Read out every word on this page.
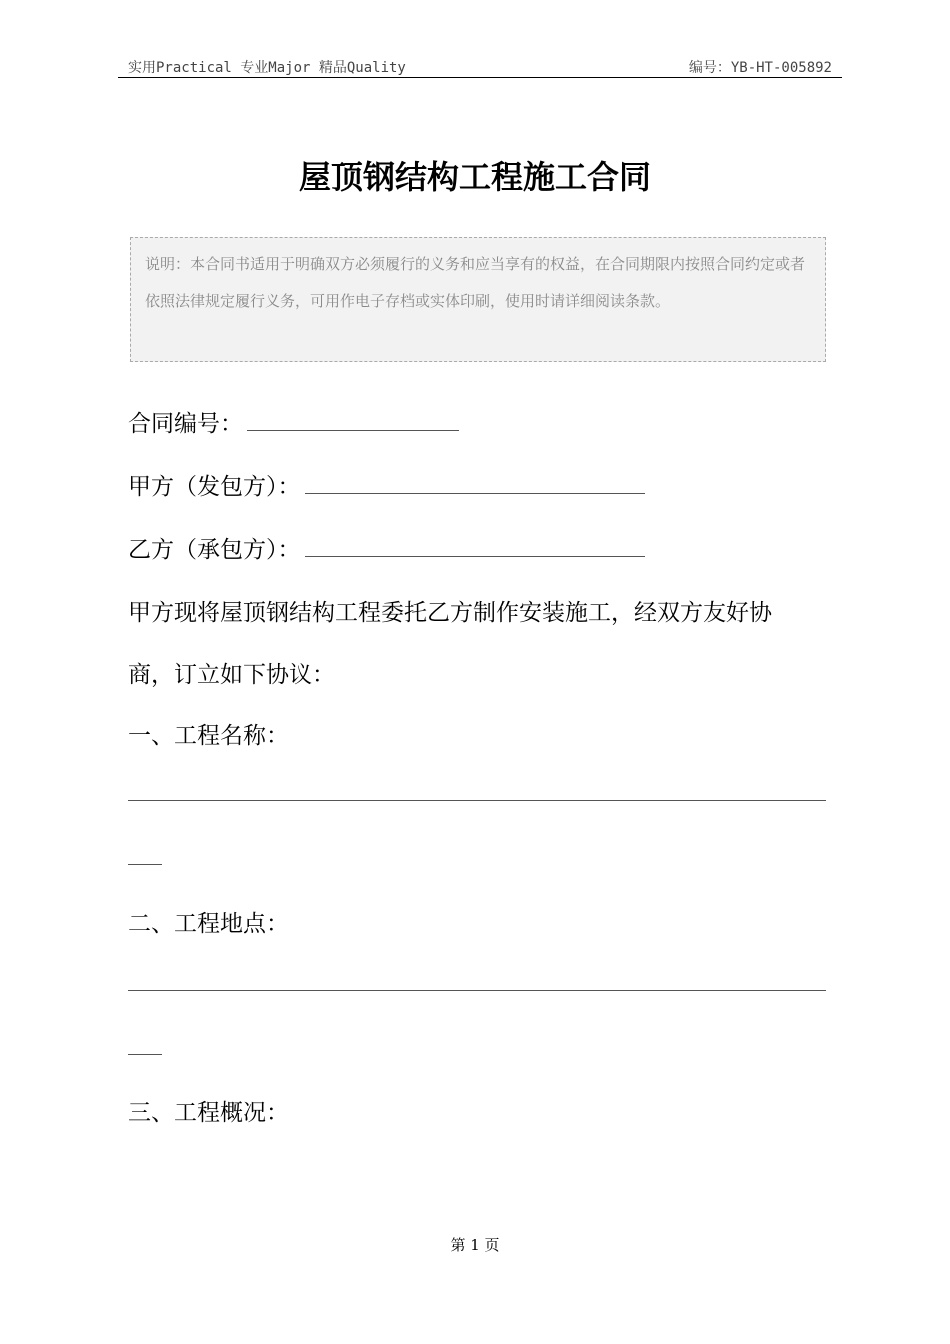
实用Practical 专业Major 精品Quality	编号：YB-HT-005892
屋顶钢结构工程施工合同
说明：本合同书适用于明确双方必须履行的义务和应当享有的权益，在合同期限内按照合同约定或者依照法律规定履行义务，可用作电子存档或实体印刷，使用时请详细阅读条款。
合同编号：
甲方（发包方）：
乙方（承包方）：
甲方现将屋顶钢结构工程委托乙方制作安装施工，经双方友好协
商，订立如下协议：
一、工程名称：
二、工程地点：
三、工程概况：
第 1 页
